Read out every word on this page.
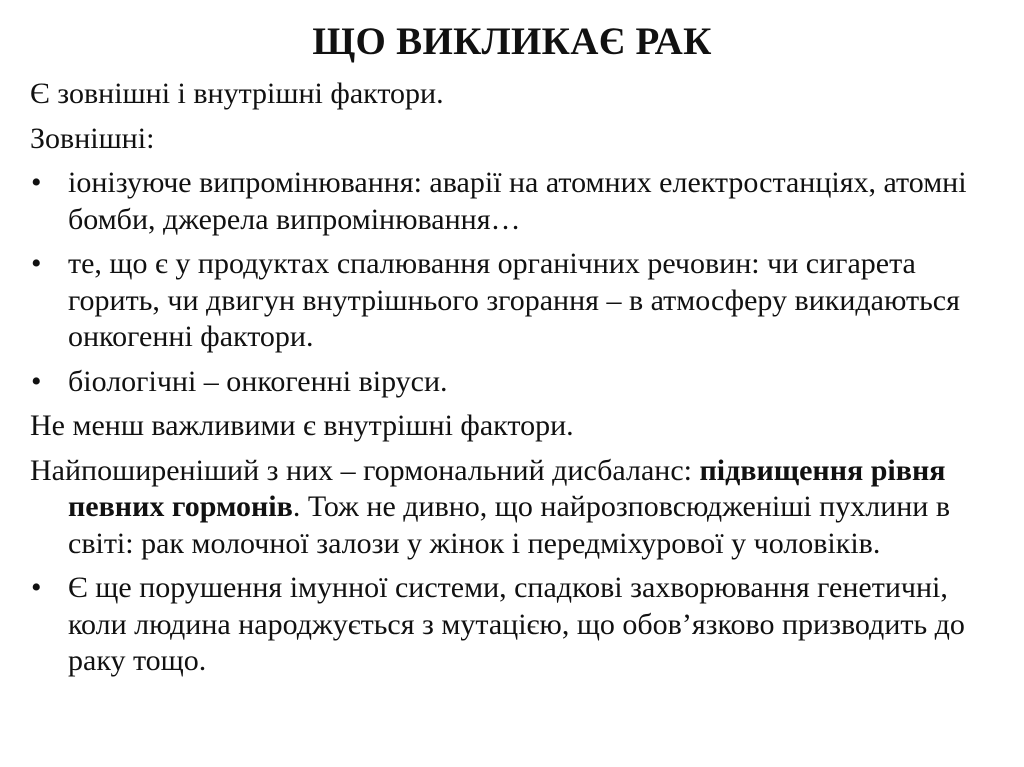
ЩО ВИКЛИКАЄ РАК
Є зовнішні і внутрішні фактори.
Зовнішні:
• іонізуюче випромінювання: аварії на атомних електростанціях, атомні бомби, джерела випромінювання…
• те, що є у продуктах спалювання органічних речовин: чи сигарета горить, чи двигун внутрішнього згорання – в атмосферу викидаються онкогенні фактори.
• біологічні – онкогенні віруси.
Не менш важливими є внутрішні фактори.
Найпоширеніший з них – гормональний дисбаланс: підвищення рівня певних гормонів. Тож не дивно, що найрозповсюдженіші пухлини в світі: рак молочної залози у жінок і передміхурової у чоловіків.
• Є ще порушення імунної системи, спадкові захворювання генетичні, коли людина народжується з мутацією, що обов’язково призводить до раку тощо.
